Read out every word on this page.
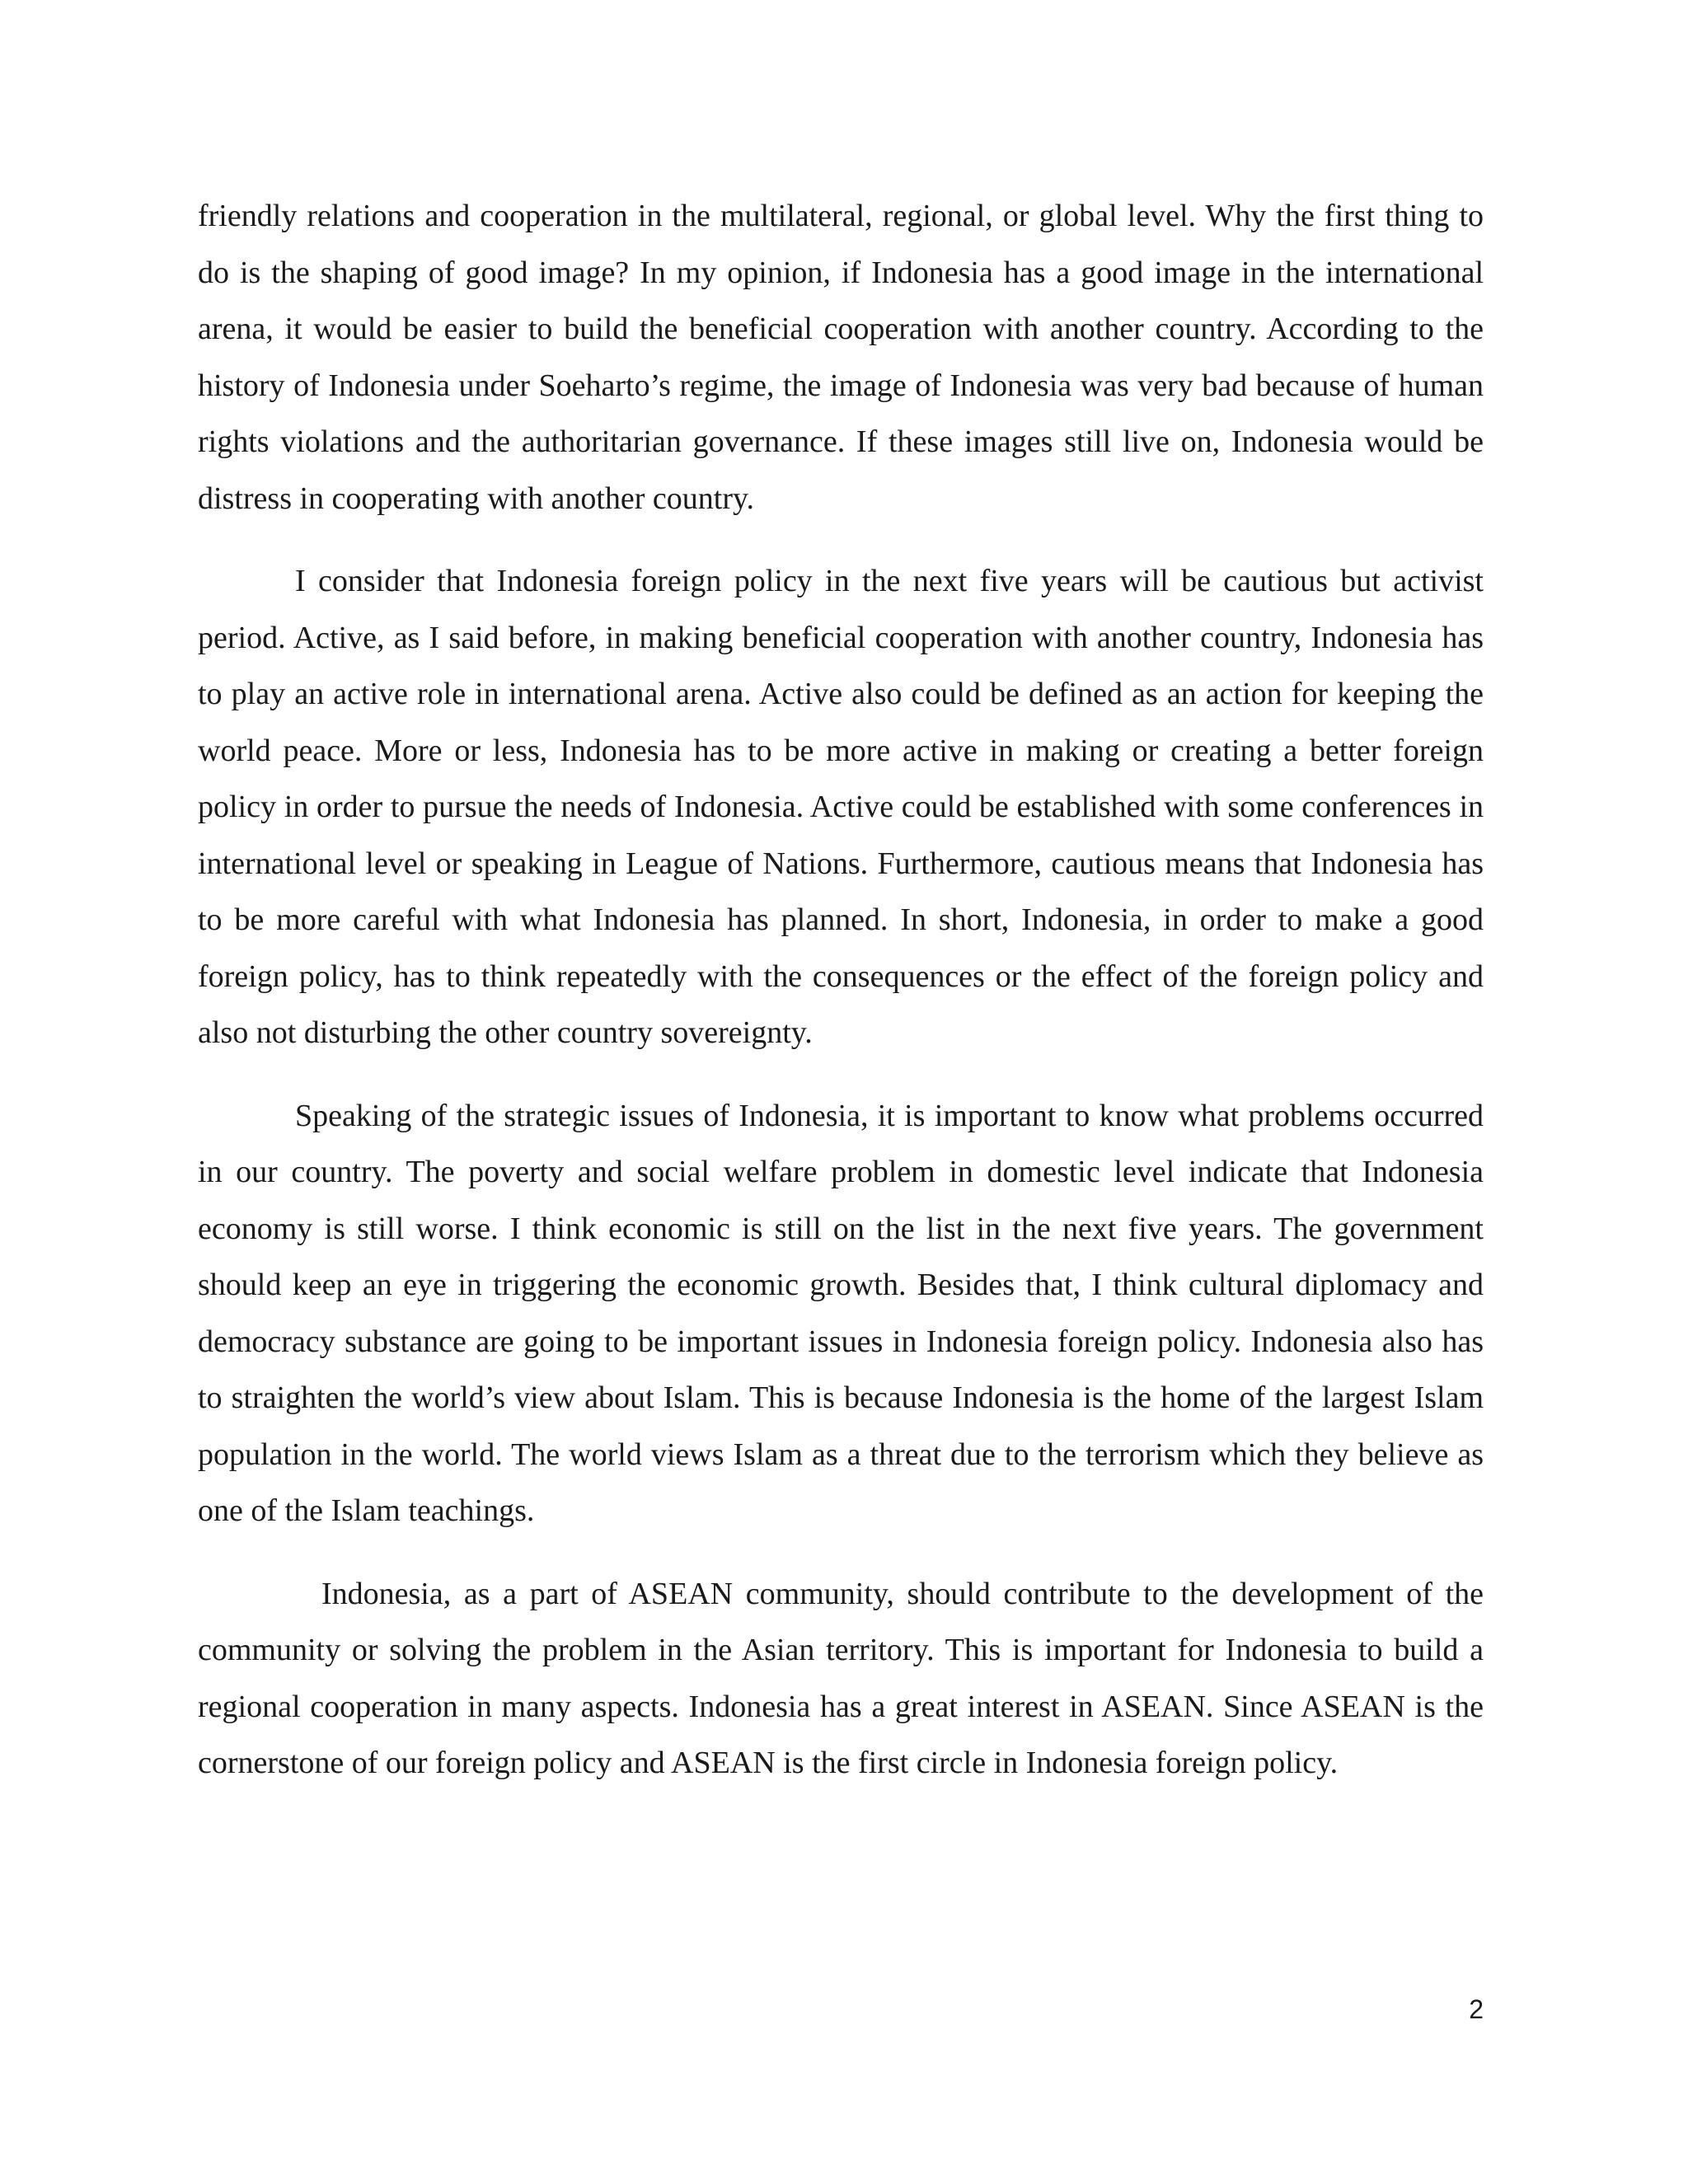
friendly relations and cooperation in the multilateral, regional, or global level. Why the first thing to do is the shaping of good image? In my opinion, if Indonesia has a good image in the international arena, it would be easier to build the beneficial cooperation with another country. According to the history of Indonesia under Soeharto’s regime, the image of Indonesia was very bad because of human rights violations and the authoritarian governance. If these images still live on, Indonesia would be distress in cooperating with another country.

I consider that Indonesia foreign policy in the next five years will be cautious but activist period. Active, as I said before, in making beneficial cooperation with another country, Indonesia has to play an active role in international arena. Active also could be defined as an action for keeping the world peace. More or less, Indonesia has to be more active in making or creating a better foreign policy in order to pursue the needs of Indonesia. Active could be established with some conferences in international level or speaking in League of Nations. Furthermore, cautious means that Indonesia has to be more careful with what Indonesia has planned. In short, Indonesia, in order to make a good foreign policy, has to think repeatedly with the consequences or the effect of the foreign policy and also not disturbing the other country sovereignty.

Speaking of the strategic issues of Indonesia, it is important to know what problems occurred in our country. The poverty and social welfare problem in domestic level indicate that Indonesia economy is still worse. I think economic is still on the list in the next five years. The government should keep an eye in triggering the economic growth. Besides that, I think cultural diplomacy and democracy substance are going to be important issues in Indonesia foreign policy. Indonesia also has to straighten the world’s view about Islam. This is because Indonesia is the home of the largest Islam population in the world. The world views Islam as a threat due to the terrorism which they believe as one of the Islam teachings.

Indonesia, as a part of ASEAN community, should contribute to the development of the community or solving the problem in the Asian territory. This is important for Indonesia to build a regional cooperation in many aspects. Indonesia has a great interest in ASEAN. Since ASEAN is the cornerstone of our foreign policy and ASEAN is the first circle in Indonesia foreign policy.

2
